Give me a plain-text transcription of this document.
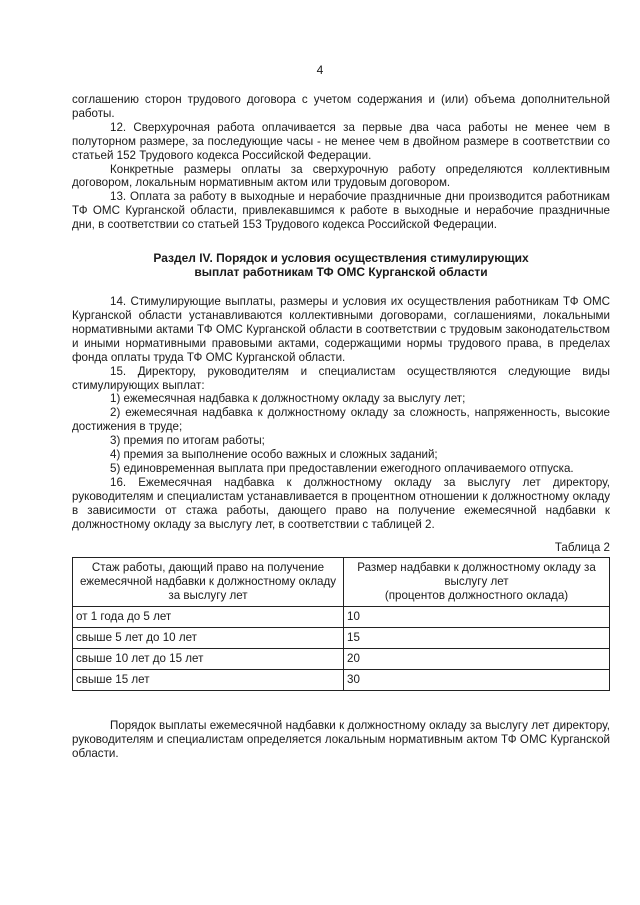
4

соглашению сторон трудового договора с учетом содержания и (или) объема дополнительной работы.

12. Сверхурочная работа оплачивается за первые два часа работы не менее чем в полуторном размере, за последующие часы - не менее чем в двойном размере в соответствии со статьей 152 Трудового кодекса Российской Федерации.

Конкретные размеры оплаты за сверхурочную работу определяются коллективным договором, локальным нормативным актом или трудовым договором.

13. Оплата за работу в выходные и нерабочие праздничные дни производится работникам ТФ ОМС Курганской области, привлекавшимся к работе в выходные и нерабочие праздничные дни, в соответствии со статьей 153 Трудового кодекса Российской Федерации.

Раздел IV. Порядок и условия осуществления стимулирующих
выплат работникам ТФ ОМС Курганской области

14. Стимулирующие выплаты, размеры и условия их осуществления работникам ТФ ОМС Курганской области устанавливаются коллективными договорами, соглашениями, локальными нормативными актами ТФ ОМС Курганской области в соответствии с трудовым законодательством и иными нормативными правовыми актами, содержащими нормы трудового права, в пределах фонда оплаты труда ТФ ОМС Курганской области.

15. Директору, руководителям и специалистам осуществляются следующие виды стимулирующих выплат:

1) ежемесячная надбавка к должностному окладу за выслугу лет;

2) ежемесячная надбавка к должностному окладу за сложность, напряженность, высокие достижения в труде;

3) премия по итогам работы;

4) премия за выполнение особо важных и сложных заданий;

5) единовременная выплата при предоставлении ежегодного оплачиваемого отпуска.

16. Ежемесячная надбавка к должностному окладу за выслугу лет директору, руководителям и специалистам устанавливается в процентном отношении к должностному окладу в зависимости от стажа работы, дающего право на получение ежемесячной надбавки к должностному окладу за выслугу лет, в соответствии с таблицей 2.

Таблица 2

Стаж работы, дающий право на получение ежемесячной надбавки к должностному окладу за выслугу лет	Размер надбавки к должностному окладу за выслугу лет
(процентов должностного оклада)
от 1 года до 5 лет	10
свыше 5 лет до 10 лет	15
свыше 10 лет до 15 лет	20
свыше 15 лет	30

Порядок выплаты ежемесячной надбавки к должностному окладу за выслугу лет директору, руководителям и специалистам определяется локальным нормативным актом ТФ ОМС Курганской области.
